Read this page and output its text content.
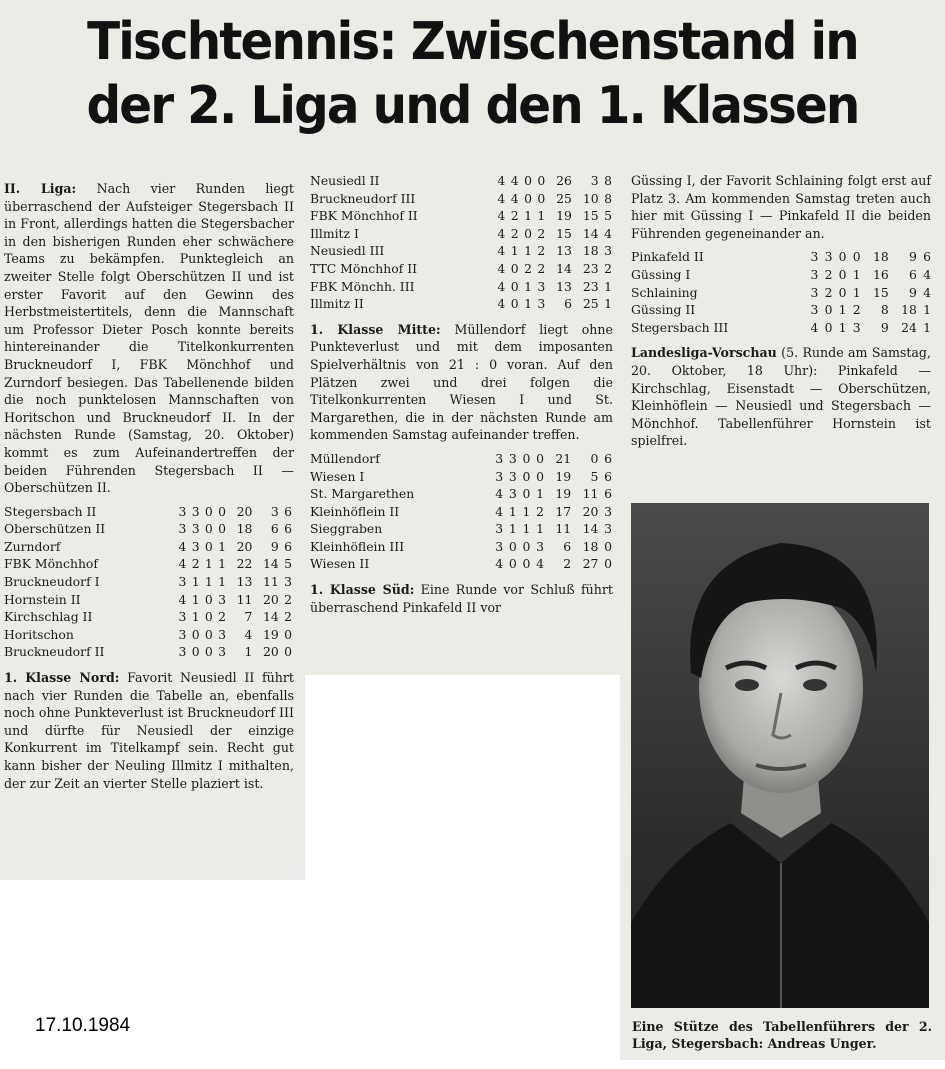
Tischtennis: Zwischenstand in
der 2. Liga und den 1. Klassen

II. Liga: Nach vier Runden liegt überraschend der Aufsteiger Stegersbach II in Front, allerdings hatten die Stegersbacher in den bisherigen Runden eher schwächere Teams zu bekämpfen. Punktegleich an zweiter Stelle folgt Oberschützen II und ist erster Favorit auf den Gewinn des Herbstmeistertitels, denn die Mannschaft um Professor Dieter Posch konnte bereits hintereinander die Titelkonkurrenten Bruckneudorf I, FBK Mönchhof und Zurndorf besiegen. Das Tabellenende bilden die noch punktelosen Mannschaften von Horitschon und Bruckneudorf II. In der nächsten Runde (Samstag, 20. Oktober) kommt es zum Aufeinandertreffen der beiden Führenden Stegersbach II — Oberschützen II.

Stegersbach II	3	3	0	0	20	3	6
Oberschützen II	3	3	0	0	18	6	6
Zurndorf	4	3	0	1	20	9	6
FBK Mönchhof	4	2	1	1	22	14	5
Bruckneudorf I	3	1	1	1	13	11	3
Hornstein II	4	1	0	3	11	20	2
Kirchschlag II	3	1	0	2	7	14	2
Horitschon	3	0	0	3	4	19	0
Bruckneudorf II	3	0	0	3	1	20	0

1. Klasse Nord: Favorit Neusiedl II führt nach vier Runden die Tabelle an, ebenfalls noch ohne Punkteverlust ist Bruckneudorf III und dürfte für Neusiedl der einzige Konkurrent im Titelkampf sein. Recht gut kann bisher der Neuling Illmitz I mithalten, der zur Zeit an vierter Stelle plaziert ist.

Neusiedl II	4	4	0	0	26	3	8
Bruckneudorf III	4	4	0	0	25	10	8
FBK Mönchhof II	4	2	1	1	19	15	5
Illmitz I	4	2	0	2	15	14	4
Neusiedl III	4	1	1	2	13	18	3
TTC Mönchhof II	4	0	2	2	14	23	2
FBK Mönchh. III	4	0	1	3	13	23	1
Illmitz II	4	0	1	3	6	25	1

1. Klasse Mitte: Müllendorf liegt ohne Punkteverlust und mit dem imposanten Spielverhältnis von 21 : 0 voran. Auf den Plätzen zwei und drei folgen die Titelkonkurrenten Wiesen I und St. Margarethen, die in der nächsten Runde am kommenden Samstag aufeinander treffen.

Müllendorf	3	3	0	0	21	0	6
Wiesen I	3	3	0	0	19	5	6
St. Margarethen	4	3	0	1	19	11	6
Kleinhöflein II	4	1	1	2	17	20	3
Sieggraben	3	1	1	1	11	14	3
Kleinhöflein III	3	0	0	3	6	18	0
Wiesen II	4	0	0	4	2	27	0

1. Klasse Süd: Eine Runde vor Schluß führt überraschend Pinkafeld II vor

Güssing I, der Favorit Schlaining folgt erst auf Platz 3. Am kommenden Samstag treten auch hier mit Güssing I — Pinkafeld II die beiden Führenden gegeneinander an.

Pinkafeld II	3	3	0	0	18	9	6
Güssing I	3	2	0	1	16	6	4
Schlaining	3	2	0	1	15	9	4
Güssing II	3	0	1	2	8	18	1
Stegersbach III	4	0	1	3	9	24	1

Landesliga-Vorschau (5. Runde am Samstag, 20. Oktober, 18 Uhr): Pinkafeld — Kirchschlag, Eisenstadt — Oberschützen, Kleinhöflein — Neusiedl und Stegersbach — Mönchhof. Tabellenführer Hornstein ist spielfrei.

Eine Stütze des Tabellenführers der 2. Liga, Stegersbach: Andreas Unger.
17.10.1984
